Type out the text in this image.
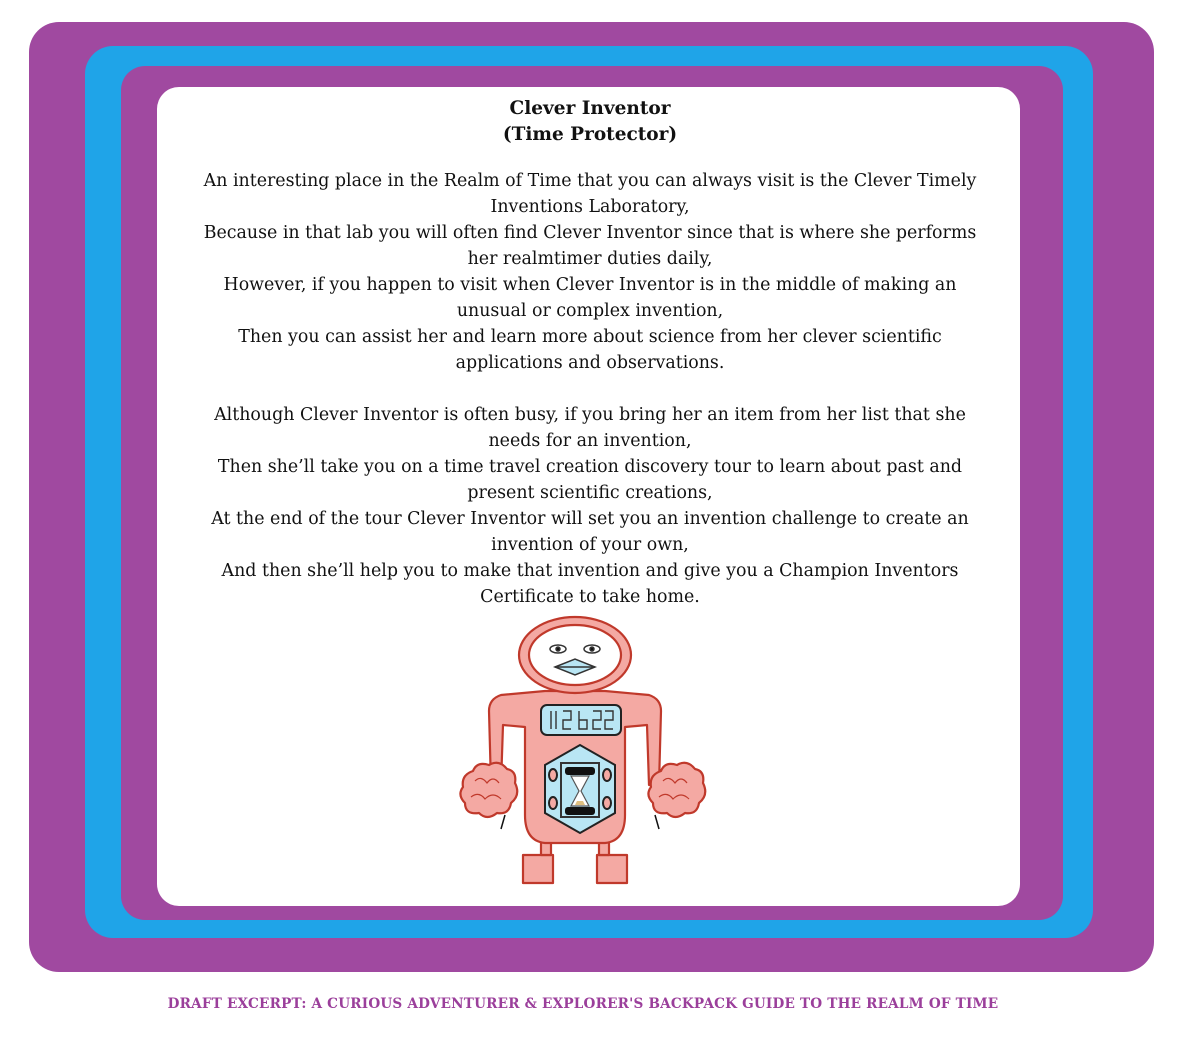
Clever Inventor

(Time Protector)

An interesting place in the Realm of Time that you can always visit is the Clever Timely

Inventions Laboratory,

Because in that lab you will often find Clever Inventor since that is where she performs

her realmtimer duties daily,

However, if you happen to visit when Clever Inventor is in the middle of making an

unusual or complex invention,

Then you can assist her and learn more about science from her clever scientific

applications and observations.

Although Clever Inventor is often busy, if you bring her an item from her list that she

needs for an invention,

Then she’ll take you on a time travel creation discovery tour to learn about past and

present scientific creations,

At the end of the tour Clever Inventor will set you an invention challenge to create an

invention of your own,

And then she’ll help you to make that invention and give you a Champion Inventors

Certificate to take home.

DRAFT EXCERPT: A CURIOUS ADVENTURER & EXPLORER'S BACKPACK GUIDE TO THE REALM OF TIME
